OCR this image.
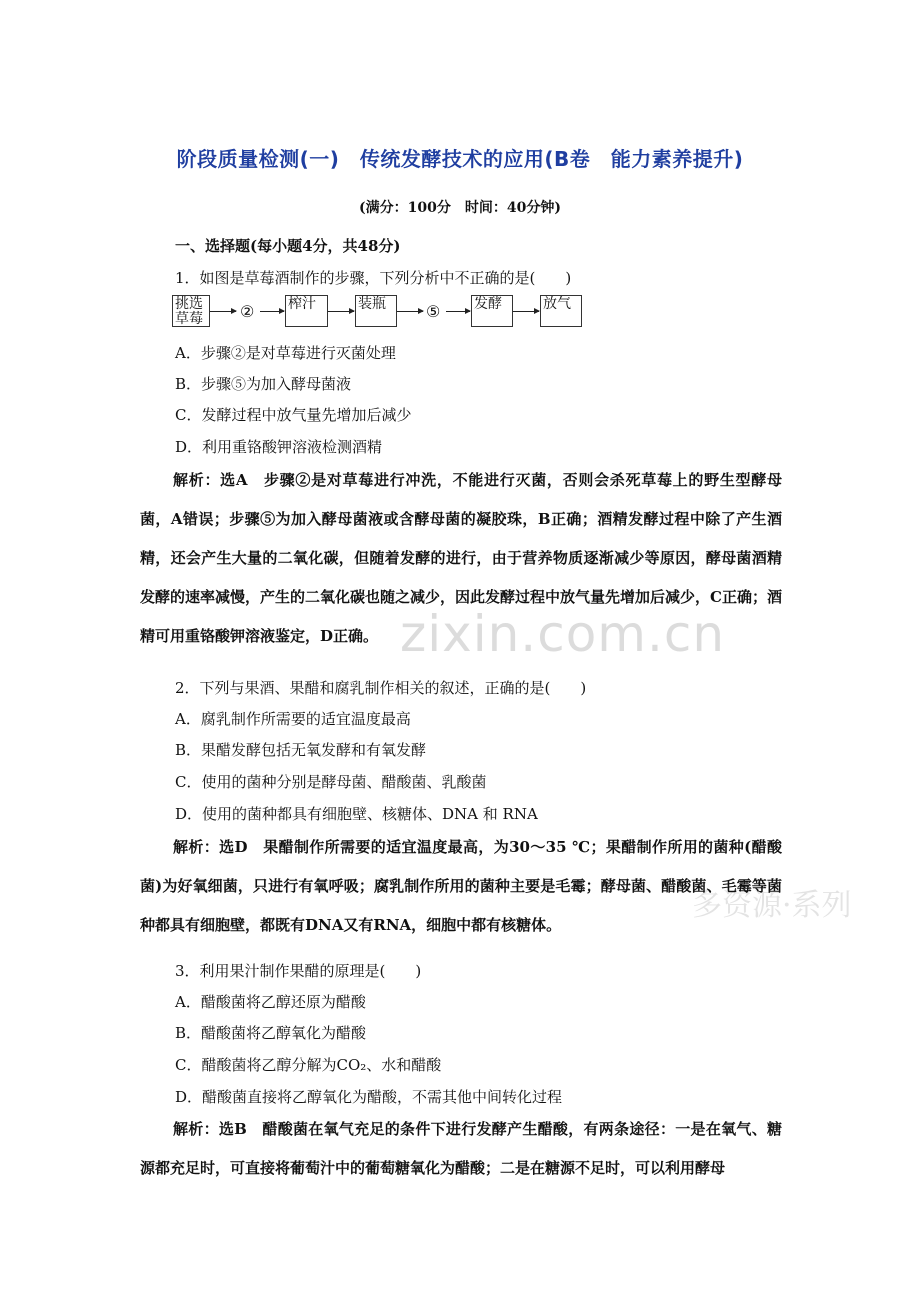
zixin.com.cn
多资源·系列
阶段质量检测(一)　传统发酵技术的应用(B卷　能力素养提升)
(满分：100分　时间：40分钟)
一、选择题(每小题4分，共48分)
1．如图是草莓酒制作的步骤，下列分析中不正确的是(　　)
挑选草莓	② 榨汁	装瓶	⑤ 发酵	放气
A．步骤②是对草莓进行灭菌处理
B．步骤⑤为加入酵母菌液
C．发酵过程中放气量先增加后减少
D．利用重铬酸钾溶液检测酒精
解析：选A　步骤②是对草莓进行冲洗，不能进行灭菌，否则会杀死草莓上的野生型酵母菌，A错误；步骤⑤为加入酵母菌液或含酵母菌的凝胶珠，B正确；酒精发酵过程中除了产生酒精，还会产生大量的二氧化碳，但随着发酵的进行，由于营养物质逐渐减少等原因，酵母菌酒精发酵的速率减慢，产生的二氧化碳也随之减少，因此发酵过程中放气量先增加后减少，C正确；酒精可用重铬酸钾溶液鉴定，D正确。
2．下列与果酒、果醋和腐乳制作相关的叙述，正确的是(　　)
A．腐乳制作所需要的适宜温度最高
B．果醋发酵包括无氧发酵和有氧发酵
C．使用的菌种分别是酵母菌、醋酸菌、乳酸菌
D．使用的菌种都具有细胞壁、核糖体、DNA 和 RNA
解析：选D　果醋制作所需要的适宜温度最高，为30～35 ℃；果醋制作所用的菌种(醋酸菌)为好氧细菌，只进行有氧呼吸；腐乳制作所用的菌种主要是毛霉；酵母菌、醋酸菌、毛霉等菌种都具有细胞壁，都既有DNA又有RNA，细胞中都有核糖体。
3．利用果汁制作果醋的原理是(　　)
A．醋酸菌将乙醇还原为醋酸
B．醋酸菌将乙醇氧化为醋酸
C．醋酸菌将乙醇分解为CO₂、水和醋酸
D．醋酸菌直接将乙醇氧化为醋酸，不需其他中间转化过程
解析：选B　醋酸菌在氧气充足的条件下进行发酵产生醋酸，有两条途径：一是在氧气、糖源都充足时，可直接将葡萄汁中的葡萄糖氧化为醋酸；二是在糖源不足时，可以利用酵母
